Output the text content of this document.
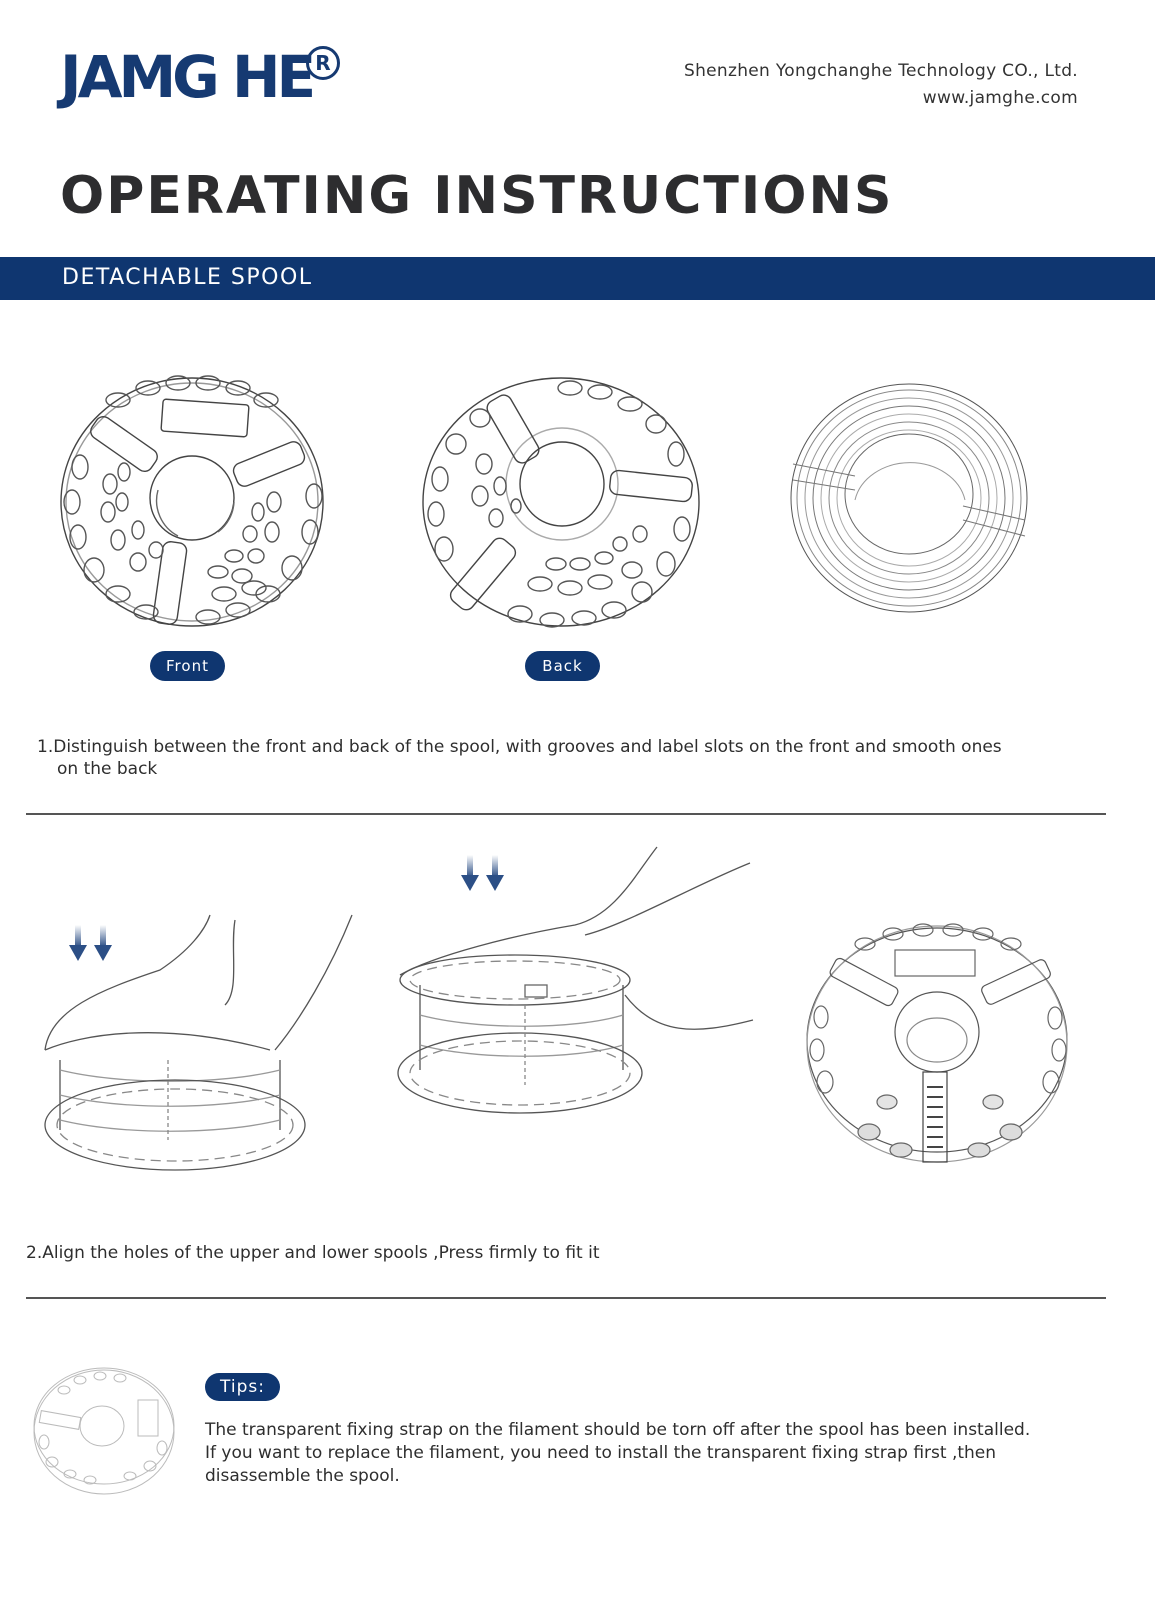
JAMG HE R	Shenzhen Yongchanghe Technology CO., Ltd.
www.jamghe.com
OPERATING INSTRUCTIONS
DETACHABLE SPOOL
Front	Back
1.Distinguish between the front and back of the spool, with grooves and label slots on the front and smooth ones
on the back
2.Align the holes of the upper and lower spools ,Press firmly to fit it
Tips:
The transparent fixing strap on the filament should be torn off after the spool has been installed.
If you want to replace the filament, you need to install the transparent fixing strap first ,then
disassemble the spool.
